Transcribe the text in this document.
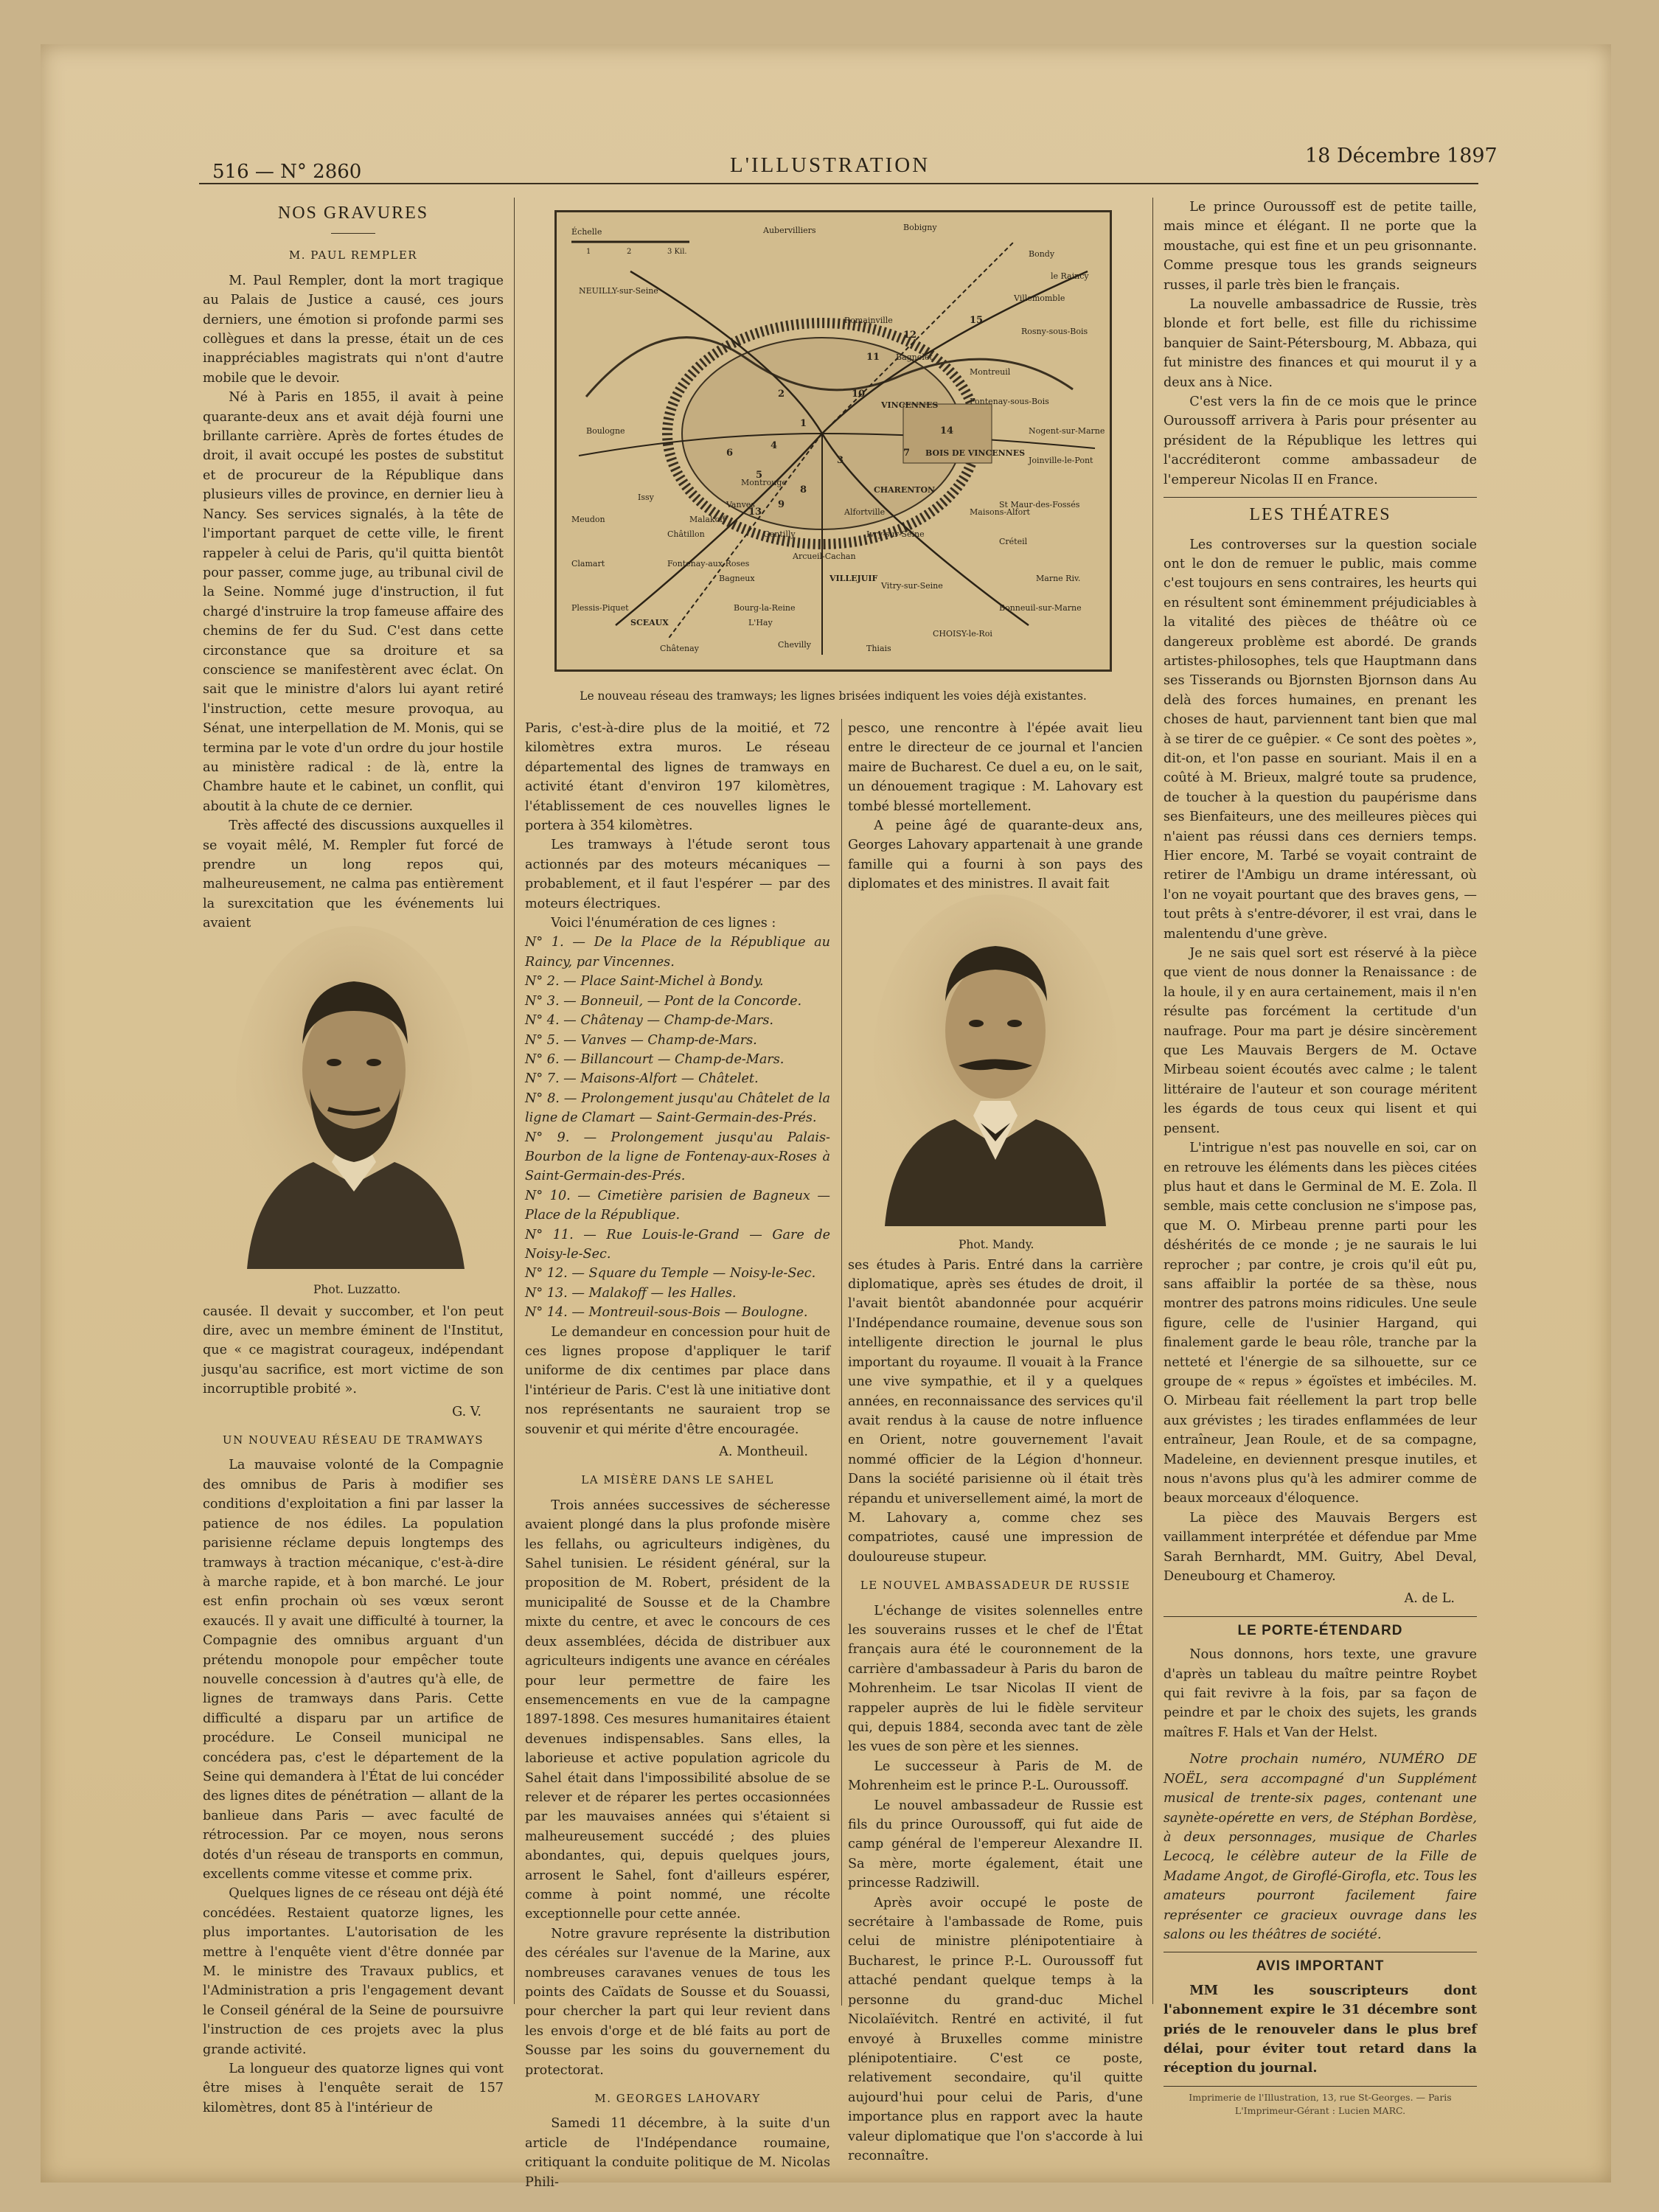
516 — N° 2860	L'ILLUSTRATION	18 Décembre 1897
NOS GRAVURES
M. PAUL REMPLER

M. Paul Rempler, dont la mort tragique au Palais de Justice a causé, ces jours derniers, une émotion si profonde parmi ses collègues et dans la presse, était un de ces inappréciables magistrats qui n'ont d'autre mobile que le devoir.

Né à Paris en 1855, il avait à peine quarante-deux ans et avait déjà fourni une brillante carrière. Après de fortes études de droit, il avait occupé les postes de substitut et de procureur de la République dans plusieurs villes de province, en dernier lieu à Nancy. Ses services signalés, à la tête de l'important parquet de cette ville, le firent rappeler à celui de Paris, qu'il quitta bientôt pour passer, comme juge, au tribunal civil de la Seine. Nommé juge d'instruction, il fut chargé d'instruire la trop fameuse affaire des chemins de fer du Sud. C'est dans cette circonstance que sa droiture et sa conscience se manifestèrent avec éclat. On sait que le ministre d'alors lui ayant retiré l'instruction, cette mesure provoqua, au Sénat, une interpellation de M. Monis, qui se termina par le vote d'un ordre du jour hostile au ministère radical : de là, entre la Chambre haute et le cabinet, un conflit, qui aboutit à la chute de ce dernier.

Très affecté des discussions auxquelles il se voyait mêlé, M. Rempler fut forcé de prendre un long repos qui, malheureusement, ne calma pas entièrement la surexcitation que les événements lui avaient

Phot. Luzzatto.

causée. Il devait y succomber, et l'on peut dire, avec un membre éminent de l'Institut, que « ce magistrat courageux, indépendant jusqu'au sacrifice, est mort victime de son incorruptible probité ».

G. V.
UN NOUVEAU RÉSEAU DE TRAMWAYS

La mauvaise volonté de la Compagnie des omnibus de Paris à modifier ses conditions d'exploitation a fini par lasser la patience de nos édiles. La population parisienne réclame depuis longtemps des tramways à traction mécanique, c'est-à-dire à marche rapide, et à bon marché. Le jour est enfin prochain où ses vœux seront exaucés. Il y avait une difficulté à tourner, la Compagnie des omnibus arguant d'un prétendu monopole pour empêcher toute nouvelle concession à d'autres qu'à elle, de lignes de tramways dans Paris. Cette difficulté a disparu par un artifice de procédure. Le Conseil municipal ne concédera pas, c'est le département de la Seine qui demandera à l'État de lui concéder des lignes dites de pénétration — allant de la banlieue dans Paris — avec faculté de rétrocession. Par ce moyen, nous serons dotés d'un réseau de transports en commun, excellents comme vitesse et comme prix.

Quelques lignes de ce réseau ont déjà été concédées. Restaient quatorze lignes, les plus importantes. L'autorisation de les mettre à l'enquête vient d'être donnée par M. le ministre des Travaux publics, et l'Administration a pris l'engagement devant le Conseil général de la Seine de poursuivre l'instruction de ces projets avec la plus grande activité.

La longueur des quatorze lignes qui vont être mises à l'enquête serait de 157 kilomètres, dont 85 à l'intérieur de

Échelle	Aubervilliers	Bobigny
Bondy
le Raincy
NEUILLY-sur-Seine
Villemomble
Rosny-sous-Bois
Montreuil
Bagnolet
Romainville
Fontenay-sous-Bois
VINCENNES
Nogent-sur-Marne
BOIS DE VINCENNES
Joinville-le-Pont
St Maur-des-Fossés
CHARENTON
Alfortville	Maisons-Alfort
Créteil
Ivry-sur-Seine
Gentilly
Arcueil-Cachan
VILLEJUIF
Vitry-sur-Seine
Vanves
Boulogne
Issy
Malakoff
Montrouge
Meudon
Clamart
Châtillon
Fontenay-aux-Roses
Bagneux
Plessis-Piquet	Bourg-la-Reine
L'Hay
SCEAUX
Châtenay	Chevilly	Thiais
CHOISY-le-Roi
Bonneuil-sur-Marne
Marne Riv.
1	2	3 Kil.
1
2
3
4
5
6	7
8
9
10
11
12
13
14
15
Le nouveau réseau des tramways; les lignes brisées indiquent les voies déjà existantes.

Paris, c'est-à-dire plus de la moitié, et 72 kilomètres extra muros. Le réseau départemental des lignes de tramways en activité étant d'environ 197 kilomètres, l'établissement de ces nouvelles lignes le portera à 354 kilomètres.

Les tramways à l'étude seront tous actionnés par des moteurs mécaniques — probablement, et il faut l'espérer — par des moteurs électriques.

Voici l'énumération de ces lignes :

N° 1. — De la Place de la République au Raincy, par Vincennes.

N° 2. — Place Saint-Michel à Bondy.

N° 3. — Bonneuil, — Pont de la Concorde.

N° 4. — Châtenay — Champ-de-Mars.

N° 5. — Vanves — Champ-de-Mars.

N° 6. — Billancourt — Champ-de-Mars.

N° 7. — Maisons-Alfort — Châtelet.

N° 8. — Prolongement jusqu'au Châtelet de la ligne de Clamart — Saint-Germain-des-Prés.

N° 9. — Prolongement jusqu'au Palais-Bourbon de la ligne de Fontenay-aux-Roses à Saint-Germain-des-Prés.

N° 10. — Cimetière parisien de Bagneux — Place de la République.

N° 11. — Rue Louis-le-Grand — Gare de Noisy-le-Sec.

N° 12. — Square du Temple — Noisy-le-Sec.

N° 13. — Malakoff — les Halles.

N° 14. — Montreuil-sous-Bois — Boulogne.

Le demandeur en concession pour huit de ces lignes propose d'appliquer le tarif uniforme de dix centimes par place dans l'intérieur de Paris. C'est là une initiative dont nos représentants ne sauraient trop se souvenir et qui mérite d'être encouragée.

A. Montheuil.
LA MISÈRE DANS LE SAHEL

Trois années successives de sécheresse avaient plongé dans la plus profonde misère les fellahs, ou agriculteurs indigènes, du Sahel tunisien. Le résident général, sur la proposition de M. Robert, président de la municipalité de Sousse et de la Chambre mixte du centre, et avec le concours de ces deux assemblées, décida de distribuer aux agriculteurs indigents une avance en céréales pour leur permettre de faire les ensemencements en vue de la campagne 1897-1898. Ces mesures humanitaires étaient devenues indispensables. Sans elles, la laborieuse et active population agricole du Sahel était dans l'impossibilité absolue de se relever et de réparer les pertes occasionnées par les mauvaises années qui s'étaient si malheureusement succédé ; des pluies abondantes, qui, depuis quelques jours, arrosent le Sahel, font d'ailleurs espérer, comme à point nommé, une récolte exceptionnelle pour cette année.

Notre gravure représente la distribution des céréales sur l'avenue de la Marine, aux nombreuses caravanes venues de tous les points des Caïdats de Sousse et du Souassi, pour chercher la part qui leur revient dans les envois d'orge et de blé faits au port de Sousse par les soins du gouvernement du protectorat.

M. GEORGES LAHOVARY

Samedi 11 décembre, à la suite d'un article de l'Indépendance roumaine, critiquant la conduite politique de M. Nicolas Phili-

pesco, une rencontre à l'épée avait lieu entre le directeur de ce journal et l'ancien maire de Bucharest. Ce duel a eu, on le sait, un dénouement tragique : M. Lahovary est tombé blessé mortellement.

A peine âgé de quarante-deux ans, Georges Lahovary appartenait à une grande famille qui a fourni à son pays des diplomates et des ministres. Il avait fait

Phot. Mandy.

ses études à Paris. Entré dans la carrière diplomatique, après ses études de droit, il l'avait bientôt abandonnée pour acquérir l'Indépendance roumaine, devenue sous son intelligente direction le journal le plus important du royaume. Il vouait à la France une vive sympathie, et il y a quelques années, en reconnaissance des services qu'il avait rendus à la cause de notre influence en Orient, notre gouvernement l'avait nommé officier de la Légion d'honneur. Dans la société parisienne où il était très répandu et universellement aimé, la mort de M. Lahovary a, comme chez ses compatriotes, causé une impression de douloureuse stupeur.

LE NOUVEL AMBASSADEUR DE RUSSIE

L'échange de visites solennelles entre les souverains russes et le chef de l'État français aura été le couronnement de la carrière d'ambassadeur à Paris du baron de Mohrenheim. Le tsar Nicolas II vient de rappeler auprès de lui le fidèle serviteur qui, depuis 1884, seconda avec tant de zèle les vues de son père et les siennes.

Le successeur à Paris de M. de Mohrenheim est le prince P.-L. Ouroussoff.

Le nouvel ambassadeur de Russie est fils du prince Ouroussoff, qui fut aide de camp général de l'empereur Alexandre II. Sa mère, morte également, était une princesse Radziwill.

Après avoir occupé le poste de secrétaire à l'ambassade de Rome, puis celui de ministre plénipotentiaire à Bucharest, le prince P.-L. Ouroussoff fut attaché pendant quelque temps à la personne du grand-duc Michel Nicolaïévitch. Rentré en activité, il fut envoyé à Bruxelles comme ministre plénipotentiaire. C'est ce poste, relativement secondaire, qu'il quitte aujourd'hui pour celui de Paris, d'une importance plus en rapport avec la haute valeur diplomatique que l'on s'accorde à lui reconnaître.

Le prince Ouroussoff est de petite taille, mais mince et élégant. Il ne porte que la moustache, qui est fine et un peu grisonnante. Comme presque tous les grands seigneurs russes, il parle très bien le français.

La nouvelle ambassadrice de Russie, très blonde et fort belle, est fille du richissime banquier de Saint-Pétersbourg, M. Abbaza, qui fut ministre des finances et qui mourut il y a deux ans à Nice.

C'est vers la fin de ce mois que le prince Ouroussoff arrivera à Paris pour présenter au président de la République les lettres qui l'accréditeront comme ambassadeur de l'empereur Nicolas II en France.

LES THÉATRES

Les controverses sur la question sociale ont le don de remuer le public, mais comme c'est toujours en sens contraires, les heurts qui en résultent sont éminemment préjudiciables à la vitalité des pièces de théâtre où ce dangereux problème est abordé. De grands artistes-philosophes, tels que Hauptmann dans ses Tisserands ou Bjornsten Bjornson dans Au delà des forces humaines, en prenant les choses de haut, parviennent tant bien que mal à se tirer de ce guêpier. « Ce sont des poètes », dit-on, et l'on passe en souriant. Mais il en a coûté à M. Brieux, malgré toute sa prudence, de toucher à la question du paupérisme dans ses Bienfaiteurs, une des meilleures pièces qui n'aient pas réussi dans ces derniers temps. Hier encore, M. Tarbé se voyait contraint de retirer de l'Ambigu un drame intéressant, où l'on ne voyait pourtant que des braves gens, — tout prêts à s'entre-dévorer, il est vrai, dans le malentendu d'une grève.

Je ne sais quel sort est réservé à la pièce que vient de nous donner la Renaissance : de la houle, il y en aura certainement, mais il n'en résulte pas forcément la certitude d'un naufrage. Pour ma part je désire sincèrement que Les Mauvais Bergers de M. Octave Mirbeau soient écoutés avec calme ; le talent littéraire de l'auteur et son courage méritent les égards de tous ceux qui lisent et qui pensent.

L'intrigue n'est pas nouvelle en soi, car on en retrouve les éléments dans les pièces citées plus haut et dans le Germinal de M. E. Zola. Il semble, mais cette conclusion ne s'impose pas, que M. O. Mirbeau prenne parti pour les déshérités de ce monde ; je ne saurais le lui reprocher ; par contre, je crois qu'il eût pu, sans affaiblir la portée de sa thèse, nous montrer des patrons moins ridicules. Une seule figure, celle de l'usinier Hargand, qui finalement garde le beau rôle, tranche par la netteté et l'énergie de sa silhouette, sur ce groupe de « repus » égoïstes et imbéciles. M. O. Mirbeau fait réellement la part trop belle aux grévistes ; les tirades enflammées de leur entraîneur, Jean Roule, et de sa compagne, Madeleine, en deviennent presque inutiles, et nous n'avons plus qu'à les admirer comme de beaux morceaux d'éloquence.

La pièce des Mauvais Bergers est vaillamment interprétée et défendue par Mme Sarah Bernhardt, MM. Guitry, Abel Deval, Deneubourg et Chameroy.

A. de L.
LE PORTE-ÉTENDARD

Nous donnons, hors texte, une gravure d'après un tableau du maître peintre Roybet qui fait revivre à la fois, par sa façon de peindre et par le choix des sujets, les grands maîtres F. Hals et Van der Helst.

Notre prochain numéro, NUMÉRO DE NOËL, sera accompagné d'un Supplément musical de trente-six pages, contenant une saynète-opérette en vers, de Stéphan Bordèse, à deux personnages, musique de Charles Lecocq, le célèbre auteur de la Fille de Madame Angot, de Giroflé-Girofla, etc. Tous les amateurs pourront facilement faire représenter ce gracieux ouvrage dans les salons ou les théâtres de société.

AVIS IMPORTANT

MM les souscripteurs dont l'abonnement expire le 31 décembre sont priés de le renouveler dans le plus bref délai, pour éviter tout retard dans la réception du journal.

Imprimerie de l'Illustration, 13, rue St-Georges. — Paris L'Imprimeur-Gérant : Lucien MARC.
